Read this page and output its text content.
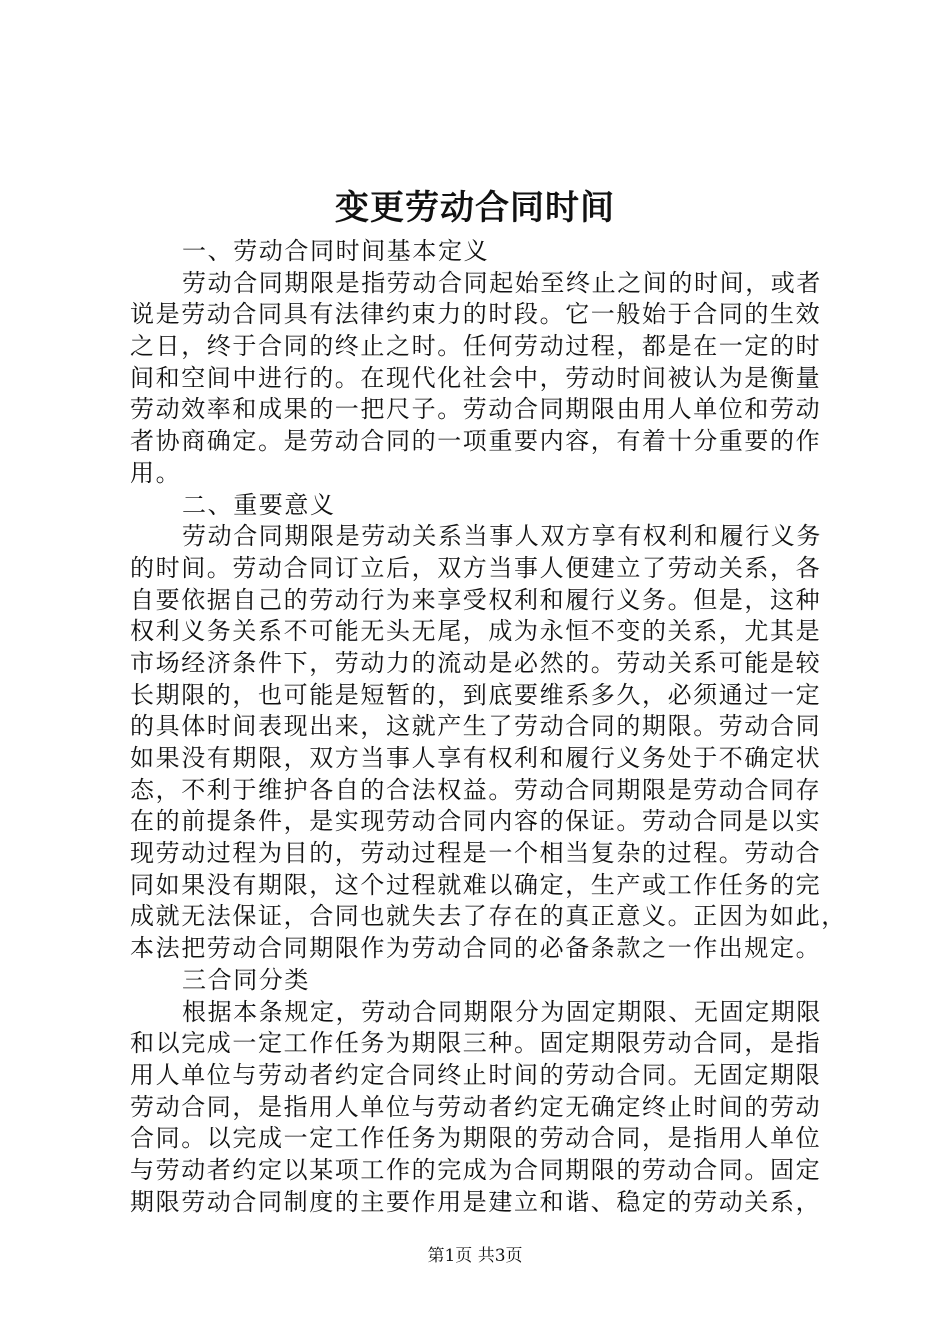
变更劳动合同时间
一、劳动合同时间基本定义
劳动合同期限是指劳动合同起始至终止之间的时间，或者
说是劳动合同具有法律约束力的时段。它一般始于合同的生效
之日，终于合同的终止之时。任何劳动过程，都是在一定的时
间和空间中进行的。在现代化社会中，劳动时间被认为是衡量
劳动效率和成果的一把尺子。劳动合同期限由用人单位和劳动
者协商确定。是劳动合同的一项重要内容，有着十分重要的作
用。
二、重要意义
劳动合同期限是劳动关系当事人双方享有权利和履行义务
的时间。劳动合同订立后，双方当事人便建立了劳动关系，各
自要依据自己的劳动行为来享受权利和履行义务。但是，这种
权利义务关系不可能无头无尾，成为永恒不变的关系，尤其是
市场经济条件下，劳动力的流动是必然的。劳动关系可能是较
长期限的，也可能是短暂的，到底要维系多久，必须通过一定
的具体时间表现出来，这就产生了劳动合同的期限。劳动合同
如果没有期限，双方当事人享有权利和履行义务处于不确定状
态，不利于维护各自的合法权益。劳动合同期限是劳动合同存
在的前提条件，是实现劳动合同内容的保证。劳动合同是以实
现劳动过程为目的，劳动过程是一个相当复杂的过程。劳动合
同如果没有期限，这个过程就难以确定，生产或工作任务的完
成就无法保证，合同也就失去了存在的真正意义。正因为如此，
本法把劳动合同期限作为劳动合同的必备条款之一作出规定。
三合同分类
根据本条规定，劳动合同期限分为固定期限、无固定期限
和以完成一定工作任务为期限三种。固定期限劳动合同，是指
用人单位与劳动者约定合同终止时间的劳动合同。无固定期限
劳动合同，是指用人单位与劳动者约定无确定终止时间的劳动
合同。以完成一定工作任务为期限的劳动合同，是指用人单位
与劳动者约定以某项工作的完成为合同期限的劳动合同。固定
期限劳动合同制度的主要作用是建立和谐、稳定的劳动关系，
第1页 共3页
